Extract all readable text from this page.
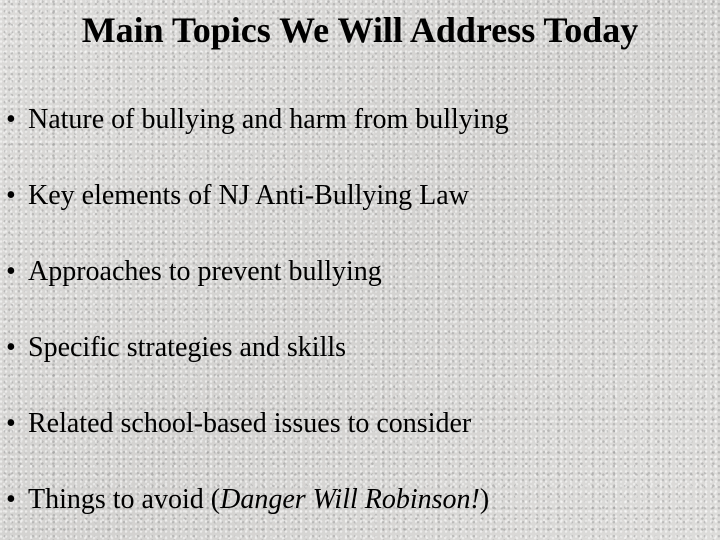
Main Topics We Will Address Today
• Nature of bullying and harm from bullying
• Key elements of NJ Anti-Bullying Law
• Approaches to prevent bullying
• Specific strategies and skills
• Related school-based issues to consider
• Things to avoid (Danger Will Robinson!)
